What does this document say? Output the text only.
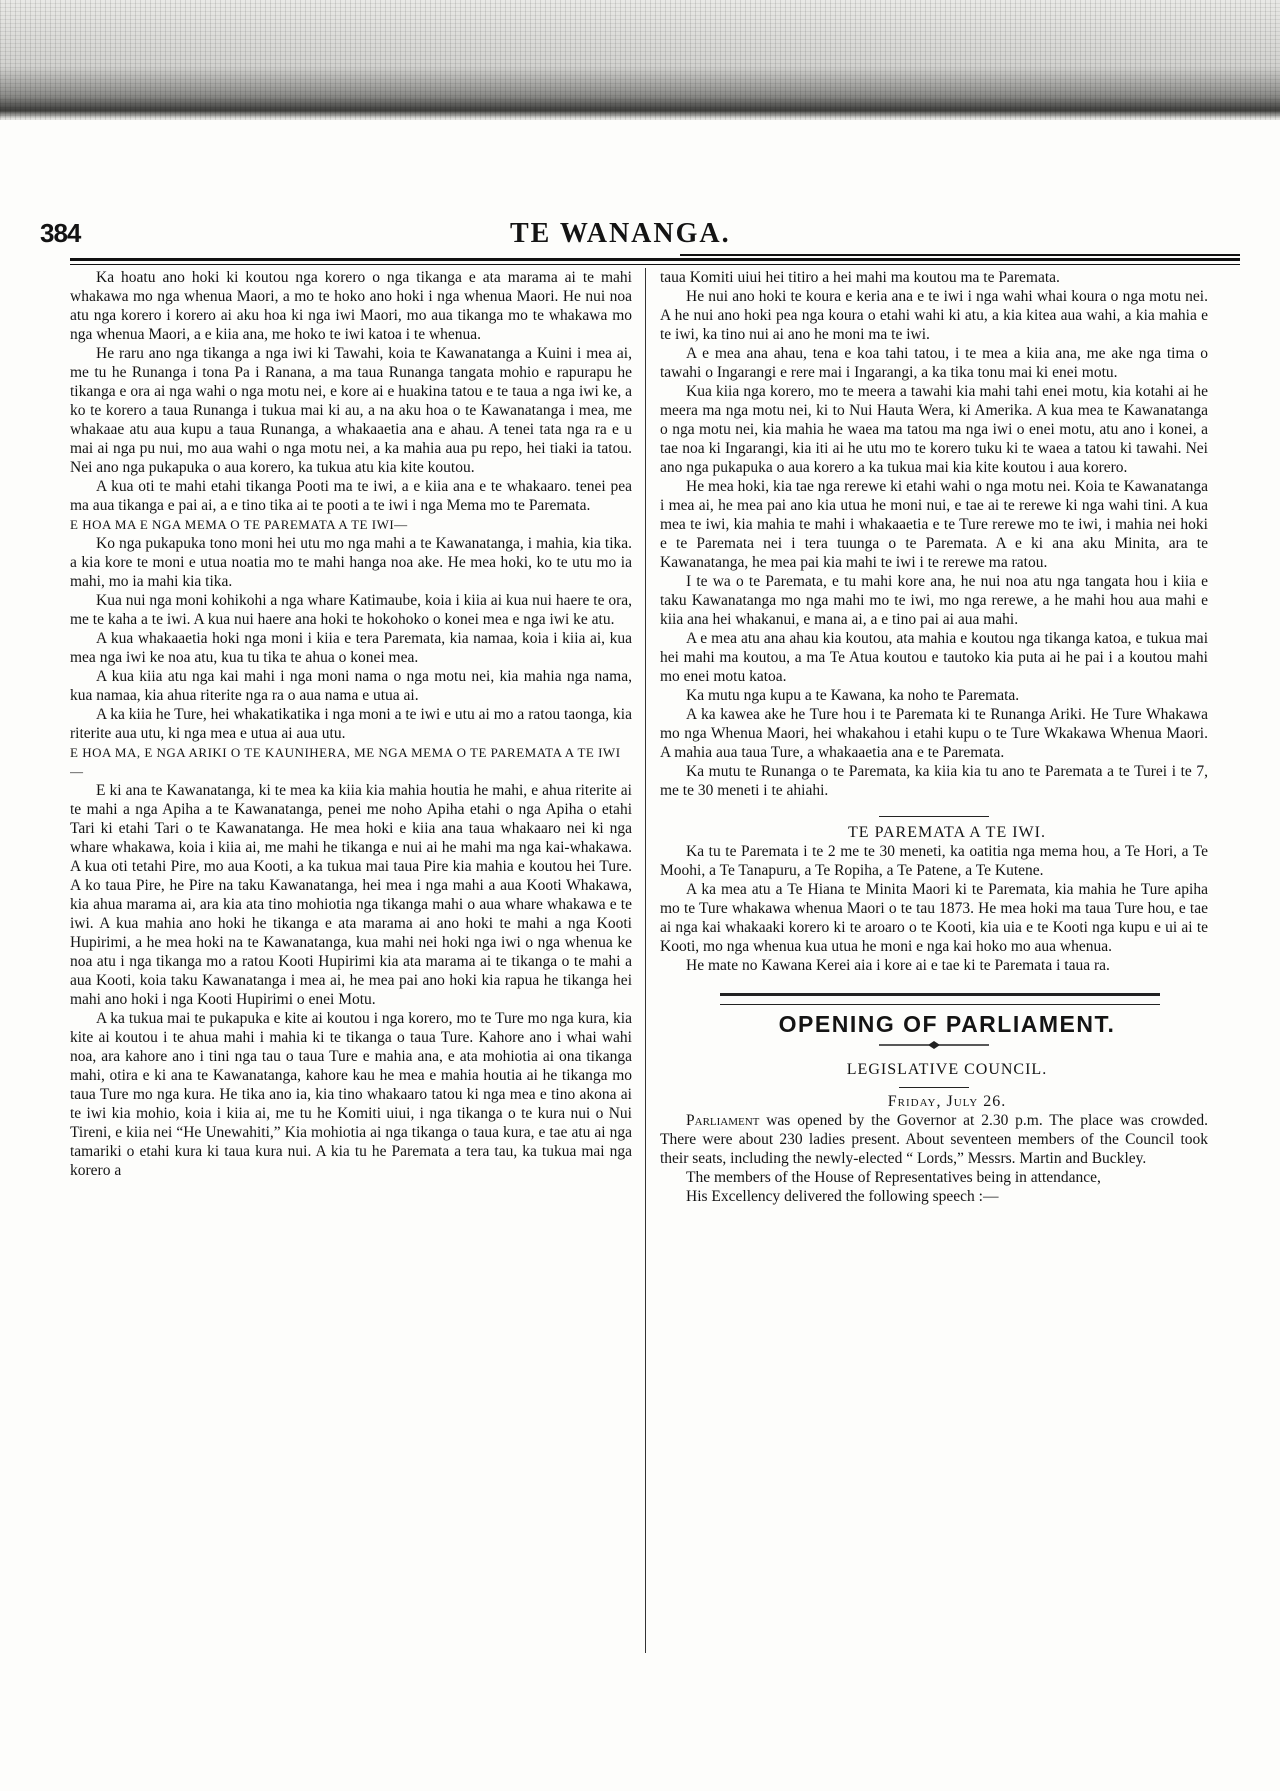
384	TE WANANGA.

Ka hoatu ano hoki ki koutou nga korero o nga tikanga e ata marama ai te mahi whakawa mo nga whenua Maori, a mo te hoko ano hoki i nga whenua Maori. He nui noa atu nga korero i korero ai aku hoa ki nga iwi Maori, mo aua tikanga mo te whakawa mo nga whenua Maori, a e kiia ana, me hoko te iwi katoa i te whenua.

He raru ano nga tikanga a nga iwi ki Tawahi, koia te Kawanatanga a Kuini i mea ai, me tu he Runanga i tona Pa i Ranana, a ma taua Runanga tangata mohio e rapurapu he tikanga e ora ai nga wahi o nga motu nei, e kore ai e huakina tatou e te taua a nga iwi ke, a ko te korero a taua Runanga i tukua mai ki au, a na aku hoa o te Kawanatanga i mea, me whakaae atu aua kupu a taua Runanga, a whakaaetia ana e ahau. A tenei tata nga ra e u mai ai nga pu nui, mo aua wahi o nga motu nei, a ka mahia aua pu repo, hei tiaki ia tatou. Nei ano nga pukapuka o aua korero, ka tukua atu kia kite koutou.

A kua oti te mahi etahi tikanga Pooti ma te iwi, a e kiia ana e te whakaaro. tenei pea ma aua tikanga e pai ai, a e tino tika ai te pooti a te iwi i nga Mema mo te Paremata.

E HOA MA E NGA MEMA O TE PAREMATA A TE IWI—

Ko nga pukapuka tono moni hei utu mo nga mahi a te Kawanatanga, i mahia, kia tika. a kia kore te moni e utua noatia mo te mahi hanga noa ake. He mea hoki, ko te utu mo ia mahi, mo ia mahi kia tika.

Kua nui nga moni kohikohi a nga whare Katimaube, koia i kiia ai kua nui haere te ora, me te kaha a te iwi. A kua nui haere ana hoki te hokohoko o konei mea e nga iwi ke atu.

A kua whakaaetia hoki nga moni i kiia e tera Paremata, kia namaa, koia i kiia ai, kua mea nga iwi ke noa atu, kua tu tika te ahua o konei mea.

A kua kiia atu nga kai mahi i nga moni nama o nga motu nei, kia mahia nga nama, kua namaa, kia ahua riterite nga ra o aua nama e utua ai.

A ka kiia he Ture, hei whakatikatika i nga moni a te iwi e utu ai mo a ratou taonga, kia riterite aua utu, ki nga mea e utua ai aua utu.

E HOA MA, E NGA ARIKI O TE KAUNIHERA, ME NGA MEMA O TE PAREMATA A TE IWI—

E ki ana te Kawanatanga, ki te mea ka kiia kia mahia houtia he mahi, e ahua riterite ai te mahi a nga Apiha a te Kawanatanga, penei me noho Apiha etahi o nga Apiha o etahi Tari ki etahi Tari o te Kawanatanga. He mea hoki e kiia ana taua whakaaro nei ki nga whare whakawa, koia i kiia ai, me mahi he tikanga e nui ai he mahi ma nga kai-whakawa. A kua oti tetahi Pire, mo aua Kooti, a ka tukua mai taua Pire kia mahia e koutou hei Ture. A ko taua Pire, he Pire na taku Kawanatanga, hei mea i nga mahi a aua Kooti Whakawa, kia ahua marama ai, ara kia ata tino mohiotia nga tikanga mahi o aua whare whakawa e te iwi. A kua mahia ano hoki he tikanga e ata marama ai ano hoki te mahi a nga Kooti Hupirimi, a he mea hoki na te Kawanatanga, kua mahi nei hoki nga iwi o nga whenua ke noa atu i nga tikanga mo a ratou Kooti Hupirimi kia ata marama ai te tikanga o te mahi a aua Kooti, koia taku Kawanatanga i mea ai, he mea pai ano hoki kia rapua he tikanga hei mahi ano hoki i nga Kooti Hupirimi o enei Motu.

A ka tukua mai te pukapuka e kite ai koutou i nga korero, mo te Ture mo nga kura, kia kite ai koutou i te ahua mahi i mahia ki te tikanga o taua Ture. Kahore ano i whai wahi noa, ara kahore ano i tini nga tau o taua Ture e mahia ana, e ata mohiotia ai ona tikanga mahi, otira e ki ana te Kawanatanga, kahore kau he mea e mahia houtia ai he tikanga mo taua Ture mo nga kura. He tika ano ia, kia tino whakaaro tatou ki nga mea e tino akona ai te iwi kia mohio, koia i kiia ai, me tu he Komiti uiui, i nga tikanga o te kura nui o Nui Tireni, e kiia nei “He Unewahiti,” Kia mohiotia ai nga tikanga o taua kura, e tae atu ai nga tamariki o etahi kura ki taua kura nui. A kia tu he Paremata a tera tau, ka tukua mai nga korero a

taua Komiti uiui hei titiro a hei mahi ma koutou ma te Paremata.

He nui ano hoki te koura e keria ana e te iwi i nga wahi whai koura o nga motu nei. A he nui ano hoki pea nga koura o etahi wahi ki atu, a kia kitea aua wahi, a kia mahia e te iwi, ka tino nui ai ano he moni ma te iwi.

A e mea ana ahau, tena e koa tahi tatou, i te mea a kiia ana, me ake nga tima o tawahi o Ingarangi e rere mai i Ingarangi, a ka tika tonu mai ki enei motu.

Kua kiia nga korero, mo te meera a tawahi kia mahi tahi enei motu, kia kotahi ai he meera ma nga motu nei, ki to Nui Hauta Wera, ki Amerika. A kua mea te Kawanatanga o nga motu nei, kia mahia he waea ma tatou ma nga iwi o enei motu, atu ano i konei, a tae noa ki Ingarangi, kia iti ai he utu mo te korero tuku ki te waea a tatou ki tawahi. Nei ano nga pukapuka o aua korero a ka tukua mai kia kite koutou i aua korero.

He mea hoki, kia tae nga rerewe ki etahi wahi o nga motu nei. Koia te Kawanatanga i mea ai, he mea pai ano kia utua he moni nui, e tae ai te rerewe ki nga wahi tini. A kua mea te iwi, kia mahia te mahi i whakaaetia e te Ture rerewe mo te iwi, i mahia nei hoki e te Paremata nei i tera tuunga o te Paremata. A e ki ana aku Minita, ara te Kawanatanga, he mea pai kia mahi te iwi i te rerewe ma ratou.

I te wa o te Paremata, e tu mahi kore ana, he nui noa atu nga tangata hou i kiia e taku Kawanatanga mo nga mahi mo te iwi, mo nga rerewe, a he mahi hou aua mahi e kiia ana hei whakanui, e mana ai, a e tino pai ai aua mahi.

A e mea atu ana ahau kia koutou, ata mahia e koutou nga tikanga katoa, e tukua mai hei mahi ma koutou, a ma Te Atua koutou e tautoko kia puta ai he pai i a koutou mahi mo enei motu katoa.

Ka mutu nga kupu a te Kawana, ka noho te Paremata.

A ka kawea ake he Ture hou i te Paremata ki te Runanga Ariki. He Ture Whakawa mo nga Whenua Maori, hei whakahou i etahi kupu o te Ture Wkakawa Whenua Maori. A mahia aua taua Ture, a whakaaetia ana e te Paremata.

Ka mutu te Runanga o te Paremata, ka kiia kia tu ano te Paremata a te Turei i te 7, me te 30 meneti i te ahiahi.

TE PAREMATA A TE IWI.

Ka tu te Paremata i te 2 me te 30 meneti, ka oatitia nga mema hou, a Te Hori, a Te Moohi, a Te Tanapuru, a Te Ropiha, a Te Patene, a Te Kutene.

A ka mea atu a Te Hiana te Minita Maori ki te Paremata, kia mahia he Ture apiha mo te Ture whakawa whenua Maori o te tau 1873. He mea hoki ma taua Ture hou, e tae ai nga kai whakaaki korero ki te aroaro o te Kooti, kia uia e te Kooti nga kupu e ui ai te Kooti, mo nga whenua kua utua he moni e nga kai hoko mo aua whenua.

He mate no Kawana Kerei aia i kore ai e tae ki te Paremata i taua ra.

OPENING OF PARLIAMENT.

LEGISLATIVE COUNCIL.

Friday, July 26.

Parliament was opened by the Governor at 2.30 p.m. The place was crowded. There were about 230 ladies present. About seventeen members of the Council took their seats, including the newly-elected “ Lords,” Messrs. Martin and Buckley.

The members of the House of Representatives being in attendance,

His Excellency delivered the following speech :—
